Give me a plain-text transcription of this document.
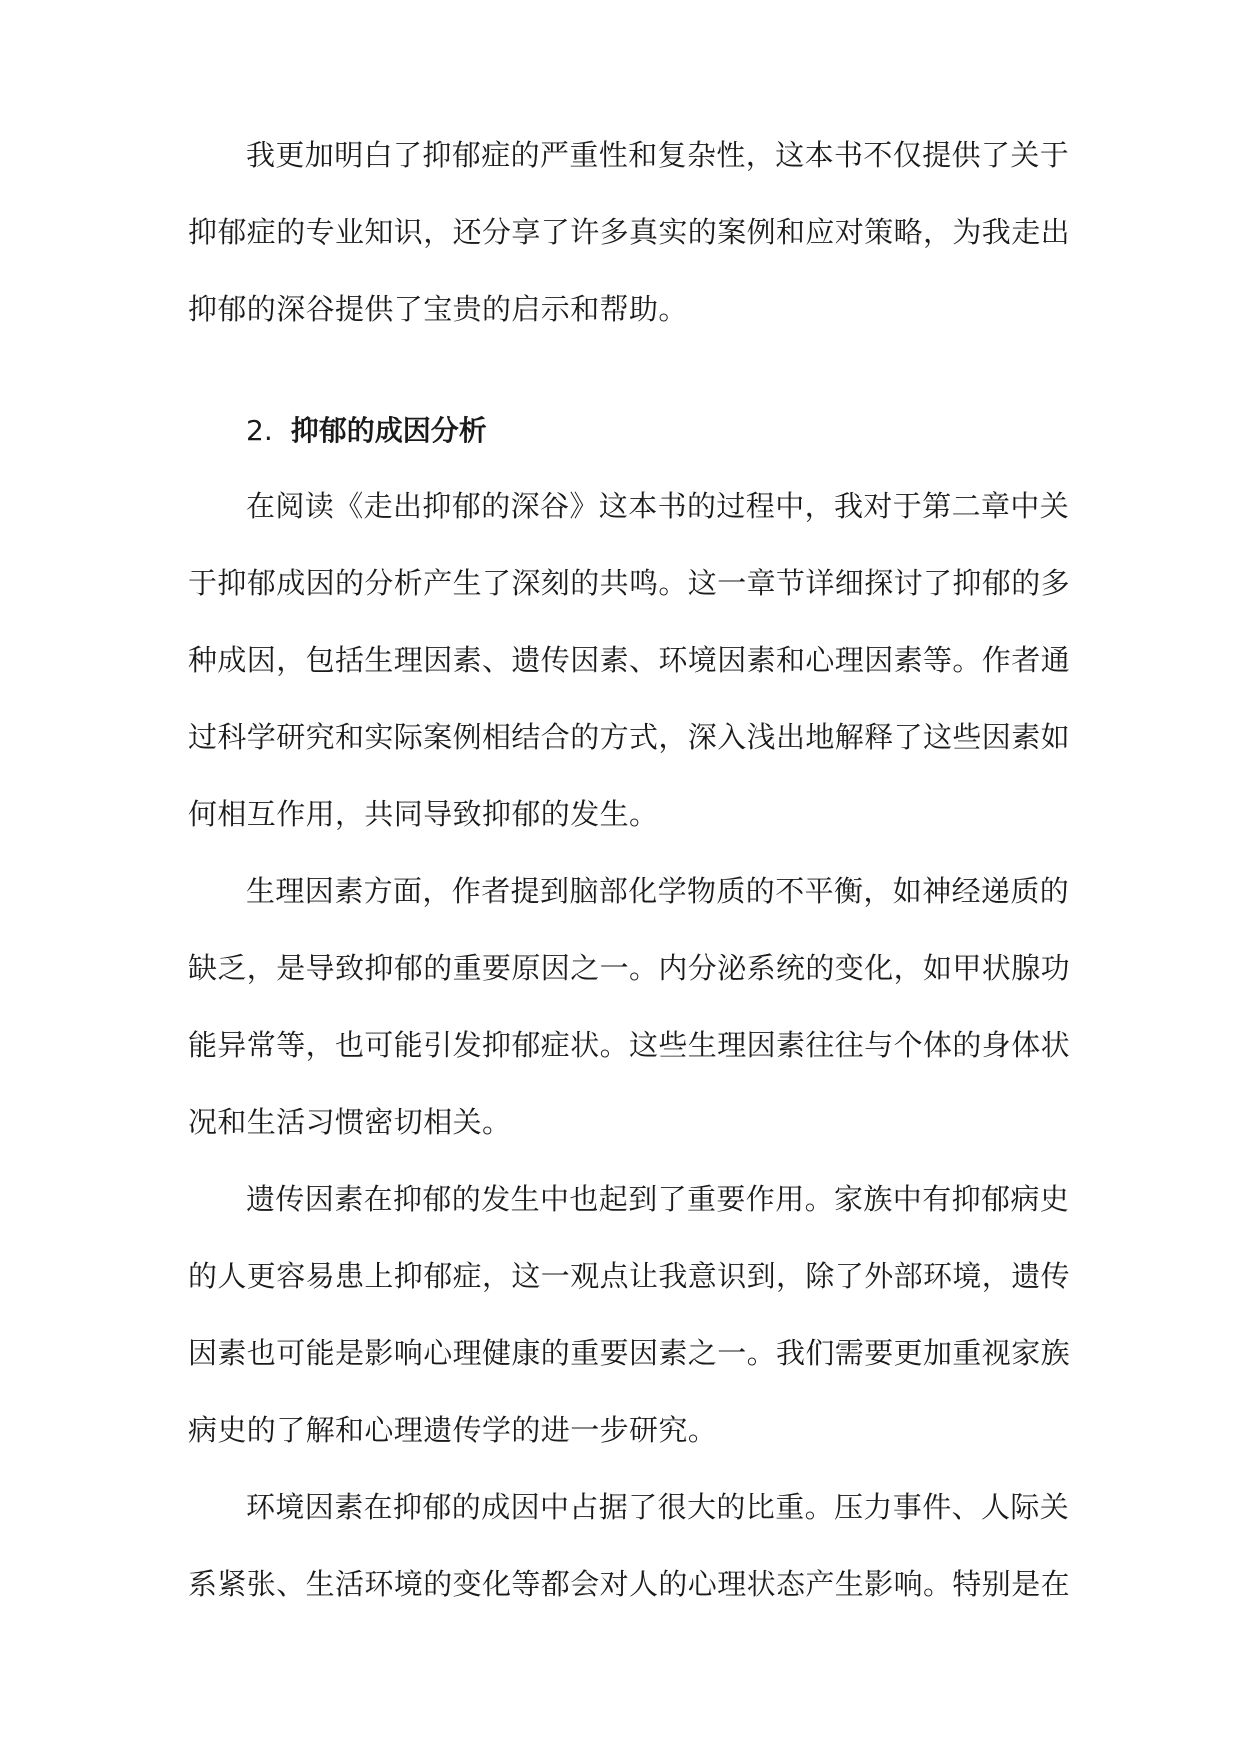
我更加明白了抑郁症的严重性和复杂性，这本书不仅提供了关于
抑郁症的专业知识，还分享了许多真实的案例和应对策略，为我走出
抑郁的深谷提供了宝贵的启示和帮助。

2. 抑郁的成因分析

在阅读《走出抑郁的深谷》这本书的过程中，我对于第二章中关
于抑郁成因的分析产生了深刻的共鸣。这一章节详细探讨了抑郁的多
种成因，包括生理因素、遗传因素、环境因素和心理因素等。作者通
过科学研究和实际案例相结合的方式，深入浅出地解释了这些因素如
何相互作用，共同导致抑郁的发生。

生理因素方面，作者提到脑部化学物质的不平衡，如神经递质的
缺乏，是导致抑郁的重要原因之一。内分泌系统的变化，如甲状腺功
能异常等，也可能引发抑郁症状。这些生理因素往往与个体的身体状
况和生活习惯密切相关。

遗传因素在抑郁的发生中也起到了重要作用。家族中有抑郁病史
的人更容易患上抑郁症，这一观点让我意识到，除了外部环境，遗传
因素也可能是影响心理健康的重要因素之一。我们需要更加重视家族
病史的了解和心理遗传学的进一步研究。

环境因素在抑郁的成因中占据了很大的比重。压力事件、人际关
系紧张、生活环境的变化等都会对人的心理状态产生影响。特别是在
